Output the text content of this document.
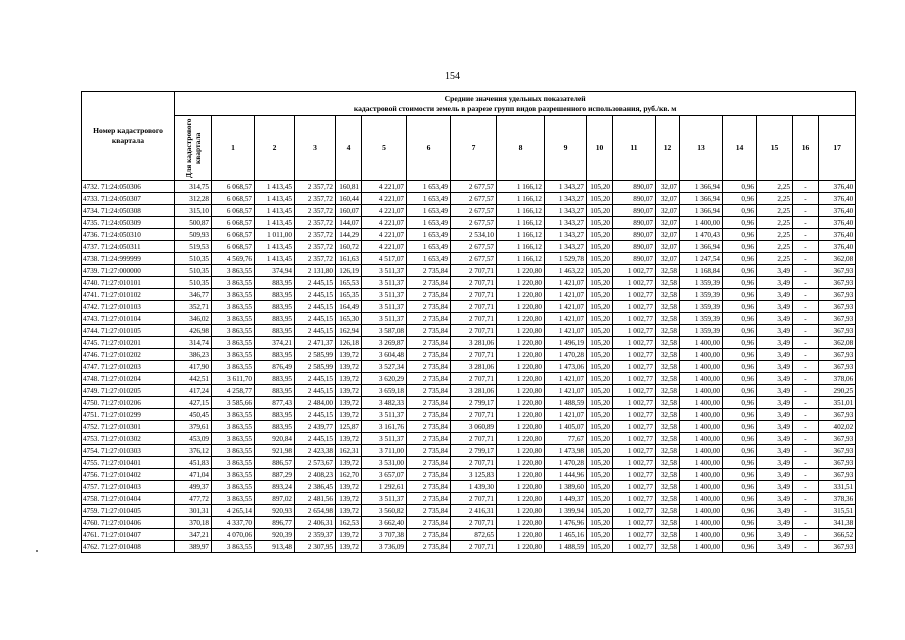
154
Номер кадастрового квартала	Средние значения удельных показателей
кадастровой стоимости земель в разрезе групп видов разрешенного использования, руб./кв. м																	

	Для кадастрового квартала	1	2	3	4	5	6	7	8	9	10	11	12	13	14	15	16	17
4732. 71:24:050306	314,75	6 068,57	1 413,45	2 357,72	160,81	4 221,07	1 653,49	2 677,57	1 166,12	1 343,27	105,20	890,07	32,07	1 366,94	0,96	2,25	-	376,40
4733. 71:24:050307	312,28	6 068,57	1 413,45	2 357,72	160,44	4 221,07	1 653,49	2 677,57	1 166,12	1 343,27	105,20	890,07	32,07	1 366,94	0,96	2,25	-	376,40
4734. 71:24:050308	315,10	6 068,57	1 413,45	2 357,72	160,07	4 221,07	1 653,49	2 677,57	1 166,12	1 343,27	105,20	890,07	32,07	1 366,94	0,96	2,25	-	376,40
4735. 71:24:050309	500,87	6 068,57	1 413,45	2 357,72	144,07	4 221,07	1 653,49	2 677,57	1 166,12	1 343,27	105,20	890,07	32,07	1 400,00	0,96	2,25	-	376,40
4736. 71:24:050310	509,93	6 068,57	1 011,00	2 357,72	144,29	4 221,07	1 653,49	2 534,10	1 166,12	1 343,27	105,20	890,07	32,07	1 470,43	0,96	2,25	-	376,40
4737. 71:24:050311	519,53	6 068,57	1 413,45	2 357,72	160,72	4 221,07	1 653,49	2 677,57	1 166,12	1 343,27	105,20	890,07	32,07	1 366,94	0,96	2,25	-	376,40
4738. 71:24:999999	510,35	4 569,76	1 413,45	2 357,72	161,63	4 517,07	1 653,49	2 677,57	1 166,12	1 529,78	105,20	890,07	32,07	1 247,54	0,96	2,25	-	362,08
4739. 71:27:000000	510,35	3 863,55	374,94	2 131,80	126,19	3 511,37	2 735,84	2 707,71	1 220,80	1 463,22	105,20	1 002,77	32,58	1 168,84	0,96	3,49	-	367,93
4740. 71:27:010101	510,35	3 863,55	883,95	2 445,15	165,53	3 511,37	2 735,84	2 707,71	1 220,80	1 421,07	105,20	1 002,77	32,58	1 359,39	0,96	3,49	-	367,93
4741. 71:27:010102	346,77	3 863,55	883,95	2 445,15	165,35	3 511,37	2 735,84	2 707,71	1 220,80	1 421,07	105,20	1 002,77	32,58	1 359,39	0,96	3,49	-	367,93
4742. 71:27:010103	352,71	3 863,55	883,95	2 445,15	164,49	3 511,37	2 735,84	2 707,71	1 220,80	1 421,07	105,20	1 002,77	32,58	1 359,39	0,96	3,49	-	367,93
4743. 71:27:010104	346,02	3 863,55	883,95	2 445,15	165,30	3 511,37	2 735,84	2 707,71	1 220,80	1 421,07	105,20	1 002,77	32,58	1 359,39	0,96	3,49	-	367,93
4744. 71:27:010105	426,98	3 863,55	883,95	2 445,15	162,94	3 587,08	2 735,84	2 707,71	1 220,80	1 421,07	105,20	1 002,77	32,58	1 359,39	0,96	3,49	-	367,93
4745. 71:27:010201	314,74	3 863,55	374,21	2 471,37	126,18	3 269,87	2 735,84	3 281,06	1 220,80	1 496,19	105,20	1 002,77	32,58	1 400,00	0,96	3,49	-	362,08
4746. 71:27:010202	386,23	3 863,55	883,95	2 585,99	139,72	3 604,48	2 735,84	2 707,71	1 220,80	1 470,28	105,20	1 002,77	32,58	1 400,00	0,96	3,49	-	367,93
4747. 71:27:010203	417,90	3 863,55	876,49	2 585,99	139,72	3 527,34	2 735,84	3 281,06	1 220,80	1 473,06	105,20	1 002,77	32,58	1 400,00	0,96	3,49	-	367,93
4748. 71:27:010204	442,51	3 611,70	883,95	2 445,15	139,72	3 620,29	2 735,84	2 707,71	1 220,80	1 421,07	105,20	1 002,77	32,58	1 400,00	0,96	3,49	-	378,06
4749. 71:27:010205	417,24	4 258,77	883,95	2 445,15	139,72	3 659,18	2 735,84	3 281,06	1 220,80	1 421,07	105,20	1 002,77	32,58	1 400,00	0,96	3,49	-	290,25
4750. 71:27:010206	427,15	3 585,66	877,43	2 484,00	139,72	3 482,33	2 735,84	2 799,17	1 220,80	1 488,59	105,20	1 002,77	32,58	1 400,00	0,96	3,49	-	351,01
4751. 71:27:010299	450,45	3 863,55	883,95	2 445,15	139,72	3 511,37	2 735,84	2 707,71	1 220,80	1 421,07	105,20	1 002,77	32,58	1 400,00	0,96	3,49	-	367,93
4752. 71:27:010301	379,61	3 863,55	883,95	2 439,77	125,87	3 161,76	2 735,84	3 060,89	1 220,80	1 405,07	105,20	1 002,77	32,58	1 400,00	0,96	3,49	-	402,02
4753. 71:27:010302	453,09	3 863,55	920,84	2 445,15	139,72	3 511,37	2 735,84	2 707,71	1 220,80	77,67	105,20	1 002,77	32,58	1 400,00	0,96	3,49	-	367,93
4754. 71:27:010303	376,12	3 863,55	921,98	2 423,38	162,31	3 711,00	2 735,84	2 799,17	1 220,80	1 473,98	105,20	1 002,77	32,58	1 400,00	0,96	3,49	-	367,93
4755. 71:27:010401	451,83	3 863,55	886,57	2 573,67	139,72	3 531,00	2 735,84	2 707,71	1 220,80	1 470,28	105,20	1 002,77	32,58	1 400,00	0,96	3,49	-	367,93
4756. 71:27:010402	471,04	3 863,55	887,29	2 408,23	162,70	3 657,07	2 735,84	3 125,83	1 220,80	1 444,96	105,20	1 002,77	32,58	1 400,00	0,96	3,49	-	367,93
4757. 71:27:010403	499,37	3 863,55	893,24	2 386,45	139,72	1 292,61	2 735,84	1 439,30	1 220,80	1 389,60	105,20	1 002,77	32,58	1 400,00	0,96	3,49	-	331,51
4758. 71:27:010404	477,72	3 863,55	897,02	2 481,56	139,72	3 511,37	2 735,84	2 707,71	1 220,80	1 449,37	105,20	1 002,77	32,58	1 400,00	0,96	3,49	-	378,36
4759. 71:27:010405	301,31	4 265,14	920,93	2 654,98	139,72	3 560,82	2 735,84	2 416,31	1 220,80	1 399,94	105,20	1 002,77	32,58	1 400,00	0,96	3,49	-	315,51
4760. 71:27:010406	370,18	4 337,70	896,77	2 406,31	162,53	3 662,40	2 735,84	2 707,71	1 220,80	1 476,96	105,20	1 002,77	32,58	1 400,00	0,96	3,49	-	341,38
4761. 71:27:010407	347,21	4 070,06	920,39	2 359,37	139,72	3 707,38	2 735,84	872,65	1 220,80	1 465,16	105,20	1 002,77	32,58	1 400,00	0,96	3,49	-	366,52
4762. 71:27:010408	389,97	3 863,55	913,48	2 307,95	139,72	3 736,09	2 735,84	2 707,71	1 220,80	1 488,59	105,20	1 002,77	32,58	1 400,00	0,96	3,49	-	367,93
